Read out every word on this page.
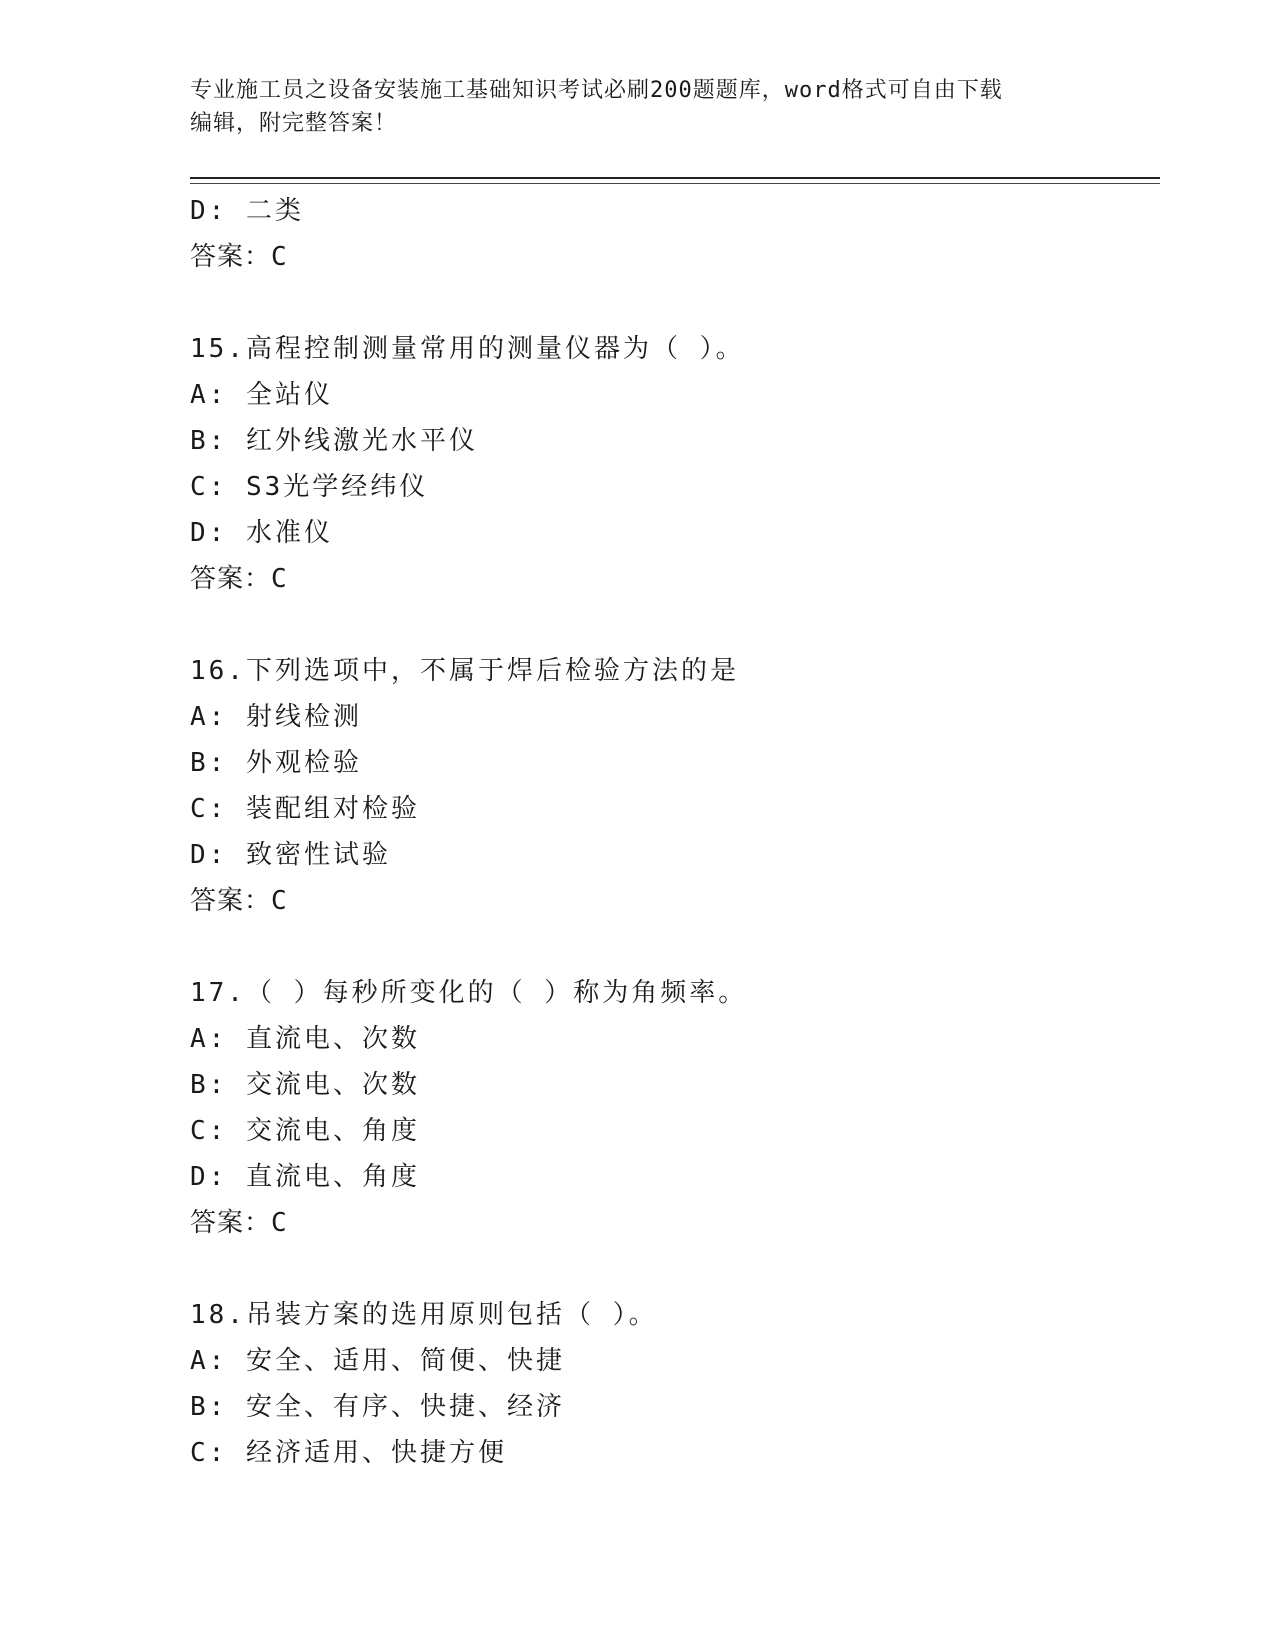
专业施工员之设备安装施工基础知识考试必刷200题题库，word格式可自由下载
编辑，附完整答案！
D: 二类
答案：C
15.高程控制测量常用的测量仪器为（ ）。
A: 全站仪
B: 红外线激光水平仪
C: S3光学经纬仪
D: 水准仪
答案：C
16.下列选项中，不属于焊后检验方法的是
A: 射线检测
B: 外观检验
C: 装配组对检验
D: 致密性试验
答案：C
17.（ ）每秒所变化的（ ）称为角频率。
A: 直流电、次数
B: 交流电、次数
C: 交流电、角度
D: 直流电、角度
答案：C
18.吊装方案的选用原则包括（ ）。
A: 安全、适用、简便、快捷
B: 安全、有序、快捷、经济
C: 经济适用、快捷方便
